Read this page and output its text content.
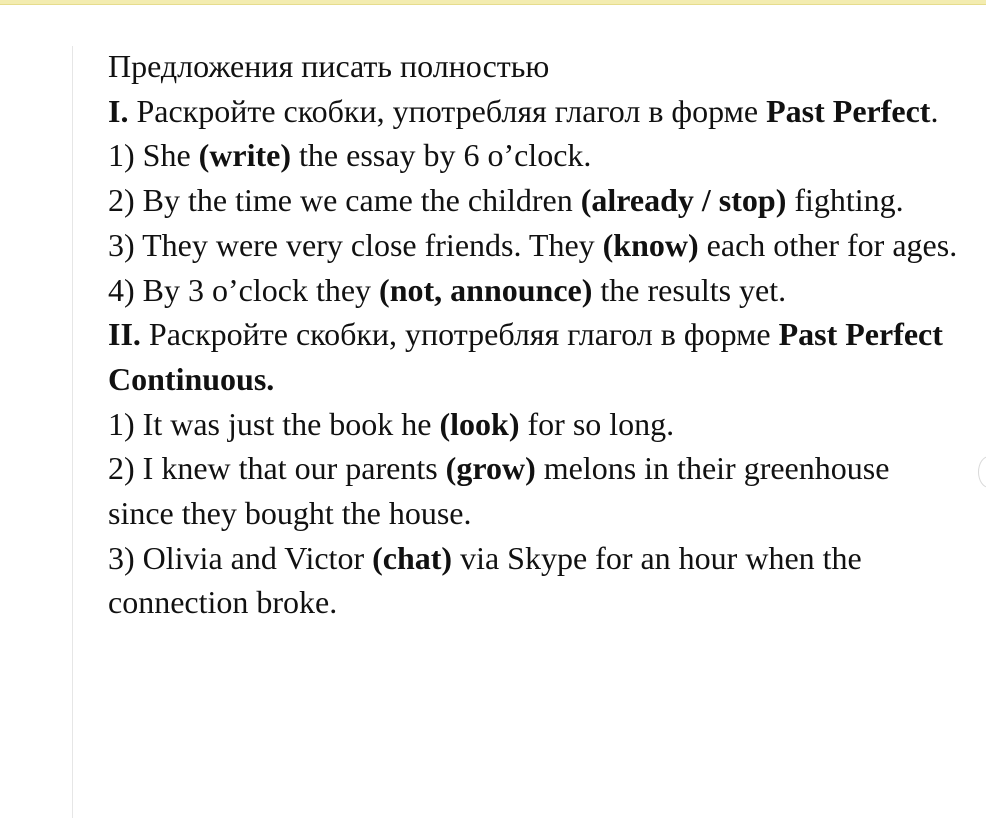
Предложения писать полностью

I. Раскройте скобки, употребляя глагол в форме Past Perfect.

1) She (write) the essay by 6 o’clock.

2) By the time we came the children (already / stop) fighting.

3) They were very close friends. They (know) each other for ages.

4) By 3 o’clock they (not, announce) the results yet.

II. Раскройте скобки, употребляя глагол в форме Past Perfect Continuous.

1) It was just the book he (look) for so long.

2) I knew that our parents (grow) melons in their greenhouse since they bought the house.

3) Olivia and Victor (chat) via Skype for an hour when the connection broke.
